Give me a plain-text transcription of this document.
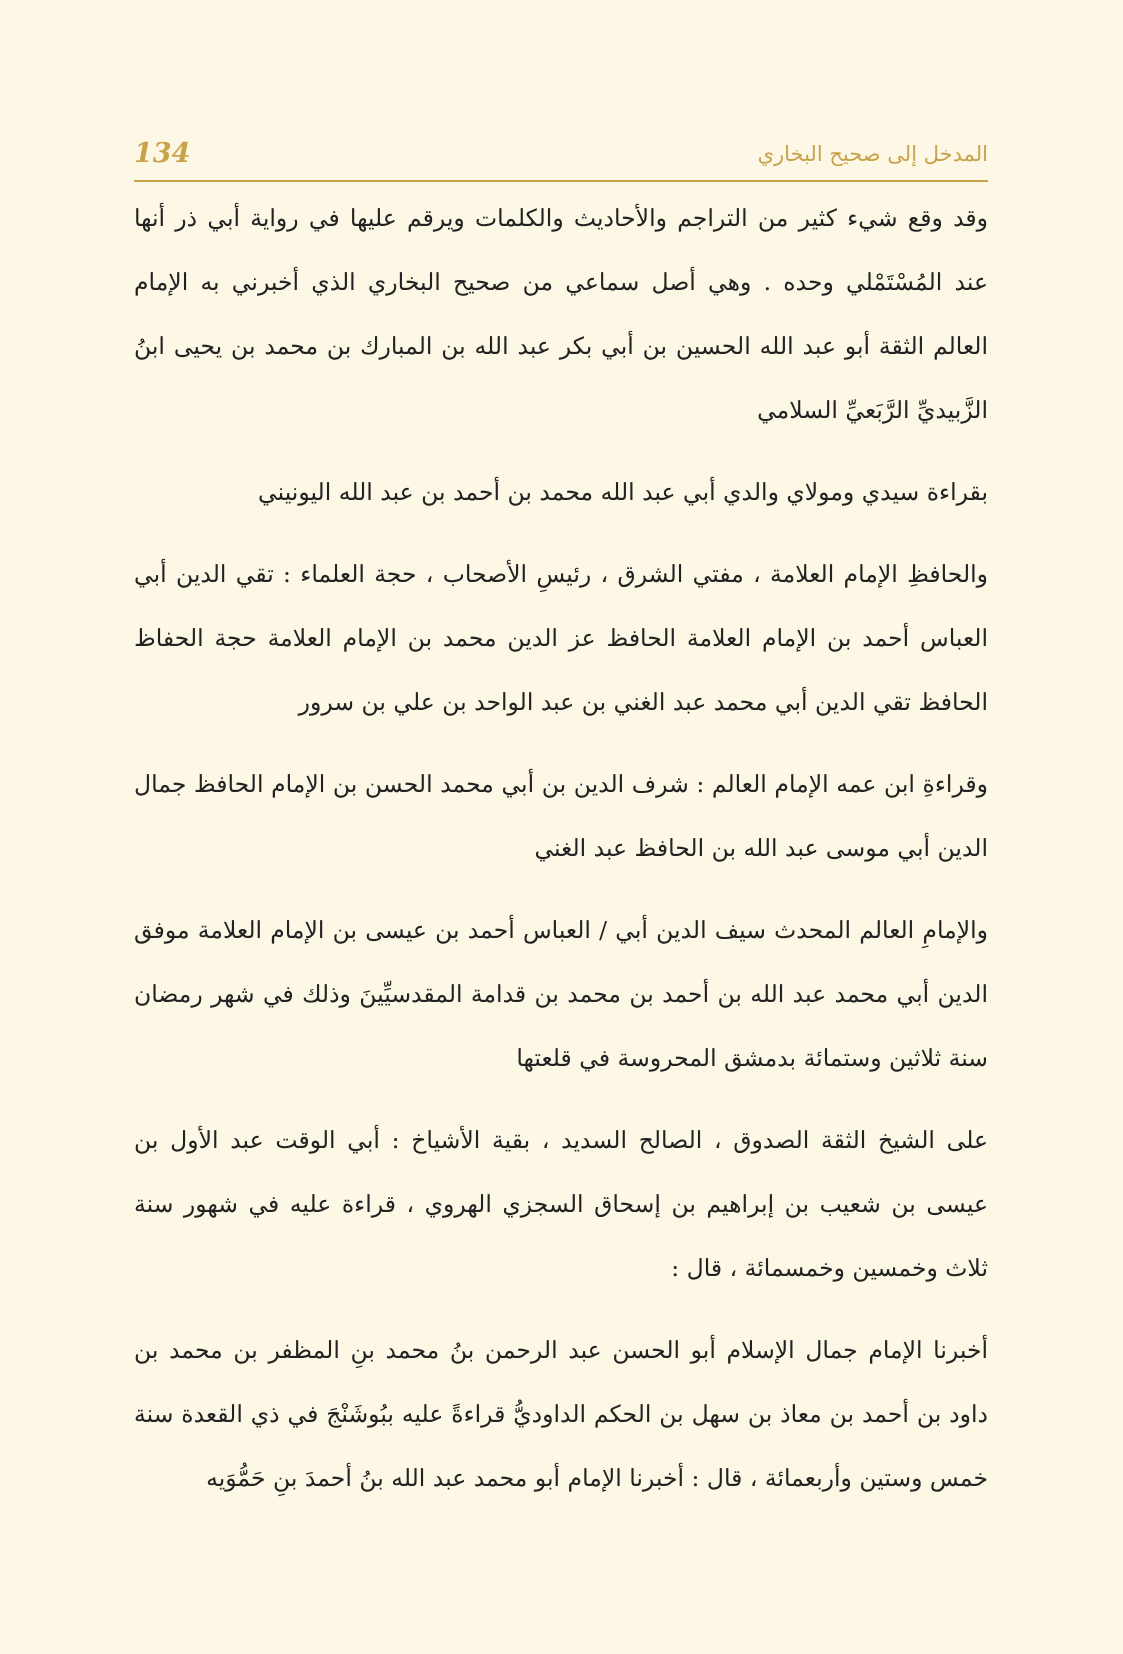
134	المدخل إلى صحيح البخاري

وقد وقع شيء كثير من التراجم والأحاديث والكلمات ويرقم عليها في رواية أبي ذر أنها عند المُسْتَمْلي وحده . وهي أصل سماعي من صحيح البخاري الذي أخبرني به الإمام العالم الثقة أبو عبد الله الحسين بن أبي بكر عبد الله بن المبارك بن محمد بن يحيى ابنُ الزَّبيديِّ الرَّبَعيِّ السلامي

بقراءة سيدي ومولاي والدي أبي عبد الله محمد بن أحمد بن عبد الله اليونيني

والحافظِ الإمام العلامة ، مفتي الشرق ، رئيسِ الأصحاب ، حجة العلماء : تقي الدين أبي العباس أحمد بن الإمام العلامة الحافظ عز الدين محمد بن الإمام العلامة حجة الحفاظ الحافظ تقي الدين أبي محمد عبد الغني بن عبد الواحد بن علي بن سرور

وقراءةِ ابن عمه الإمام العالم : شرف الدين بن أبي محمد الحسن بن الإمام الحافظ جمال الدين أبي موسى عبد الله بن الحافظ عبد الغني

والإمامِ العالم المحدث سيف الدين أبي / العباس أحمد بن عيسى بن الإمام العلامة موفق الدين أبي محمد عبد الله بن أحمد بن محمد بن قدامة المقدسيِّينَ وذلك في شهر رمضان سنة ثلاثين وستمائة بدمشق المحروسة في قلعتها

على الشيخ الثقة الصدوق ، الصالح السديد ، بقية الأشياخ : أبي الوقت عبد الأول بن عيسى بن شعيب بن إبراهيم بن إسحاق السجزي الهروي ، قراءة عليه في شهور سنة ثلاث وخمسين وخمسمائة ، قال :

أخبرنا الإمام جمال الإسلام أبو الحسن عبد الرحمن بنُ محمد بنِ المظفر بن محمد بن داود بن أحمد بن معاذ بن سهل بن الحكم الداوديُّ قراءةً عليه ببُوشَنْجَ في ذي القعدة سنة خمس وستين وأربعمائة ، قال : أخبرنا الإمام أبو محمد عبد الله بنُ أحمدَ بنِ حَمُّوَيه
